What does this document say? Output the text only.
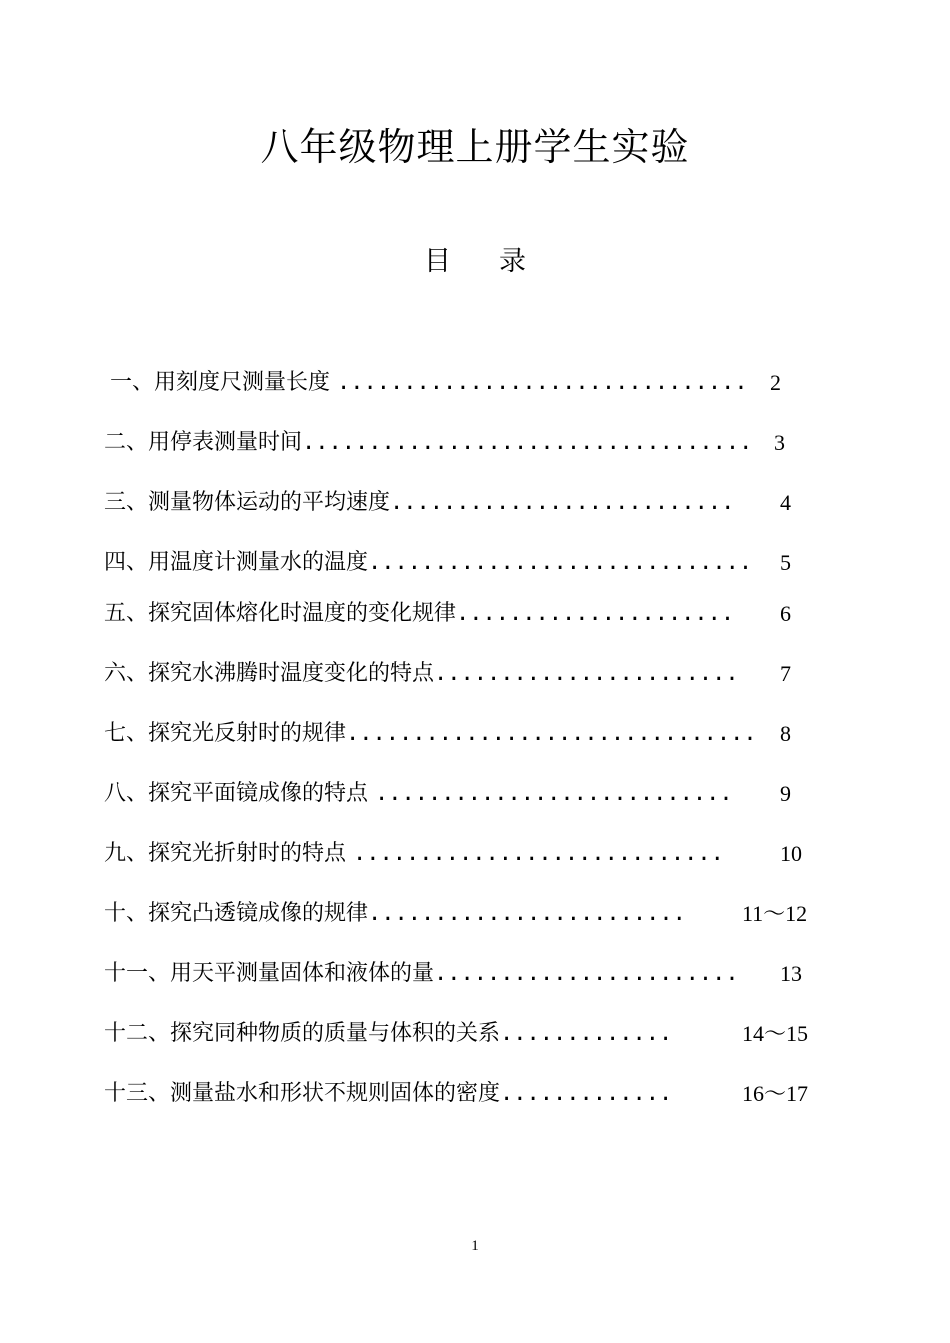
八年级物理上册学生实验
目 录
一、用刻度尺测量长度 ............................... 2
二、用停表测量时间.................................. 3
三、测量物体运动的平均速度.......................... 4
四、用温度计测量水的温度............................. 5
五、探究固体熔化时温度的变化规律..................... 6
六、探究水沸腾时温度变化的特点....................... 7
七、探究光反射时的规律............................... 8
八、探究平面镜成像的特点 ........................... 9
九、探究光折射时的特点 ............................	10
十、探究凸透镜成像的规律........................	11～12
十一、用天平测量固体和液体的量....................... 13
十二、探究同种物质的质量与体积的关系.............	14～15
十三、测量盐水和形状不规则固体的密度.............	16～17
1
